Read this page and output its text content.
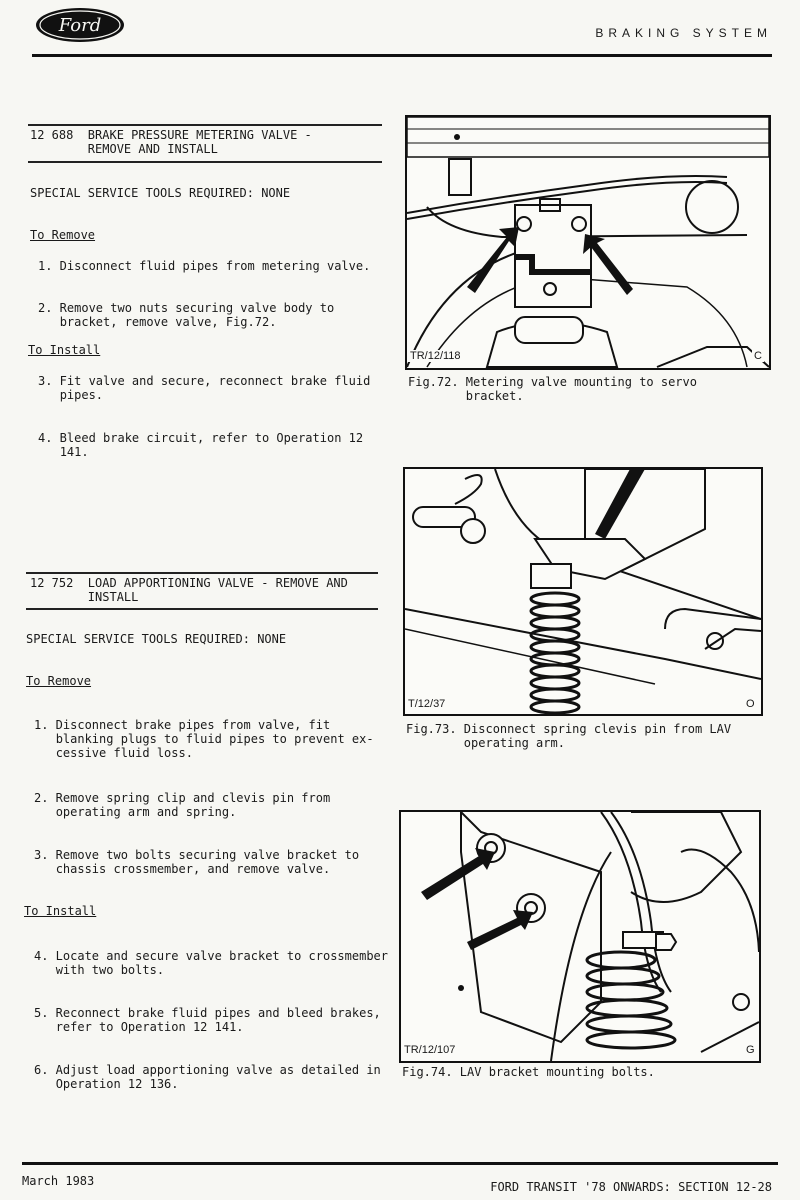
Ford	BRAKING SYSTEM
12 688  BRAKE PRESSURE METERING VALVE -
REMOVE AND INSTALL
SPECIAL SERVICE TOOLS REQUIRED: NONE
To Remove
1. Disconnect fluid pipes from metering valve.
2. Remove two nuts securing valve body to
bracket, remove valve, Fig.72.
To Install
3. Fit valve and secure, reconnect brake fluid
pipes.
4. Bleed brake circuit, refer to Operation 12
141.
12 752  LOAD APPORTIONING VALVE - REMOVE AND
INSTALL
SPECIAL SERVICE TOOLS REQUIRED: NONE
To Remove
1. Disconnect brake pipes from valve, fit
blanking plugs to fluid pipes to prevent ex-
cessive fluid loss.
2. Remove spring clip and clevis pin from
operating arm and spring.
3. Remove two bolts securing valve bracket to
chassis crossmember, and remove valve.
To Install
4. Locate and secure valve bracket to crossmember
with two bolts.
5. Reconnect brake fluid pipes and bleed brakes,
refer to Operation 12 141.
6. Adjust load apportioning valve as detailed in
Operation 12 136.
TR/12/118	C
Fig.72. Metering valve mounting to servo
bracket.
T/12/37	O
Fig.73. Disconnect spring clevis pin from LAV
operating arm.
TR/12/107	G
Fig.74. LAV bracket mounting bolts.
March 1983	FORD TRANSIT '78 ONWARDS: SECTION 12-28
